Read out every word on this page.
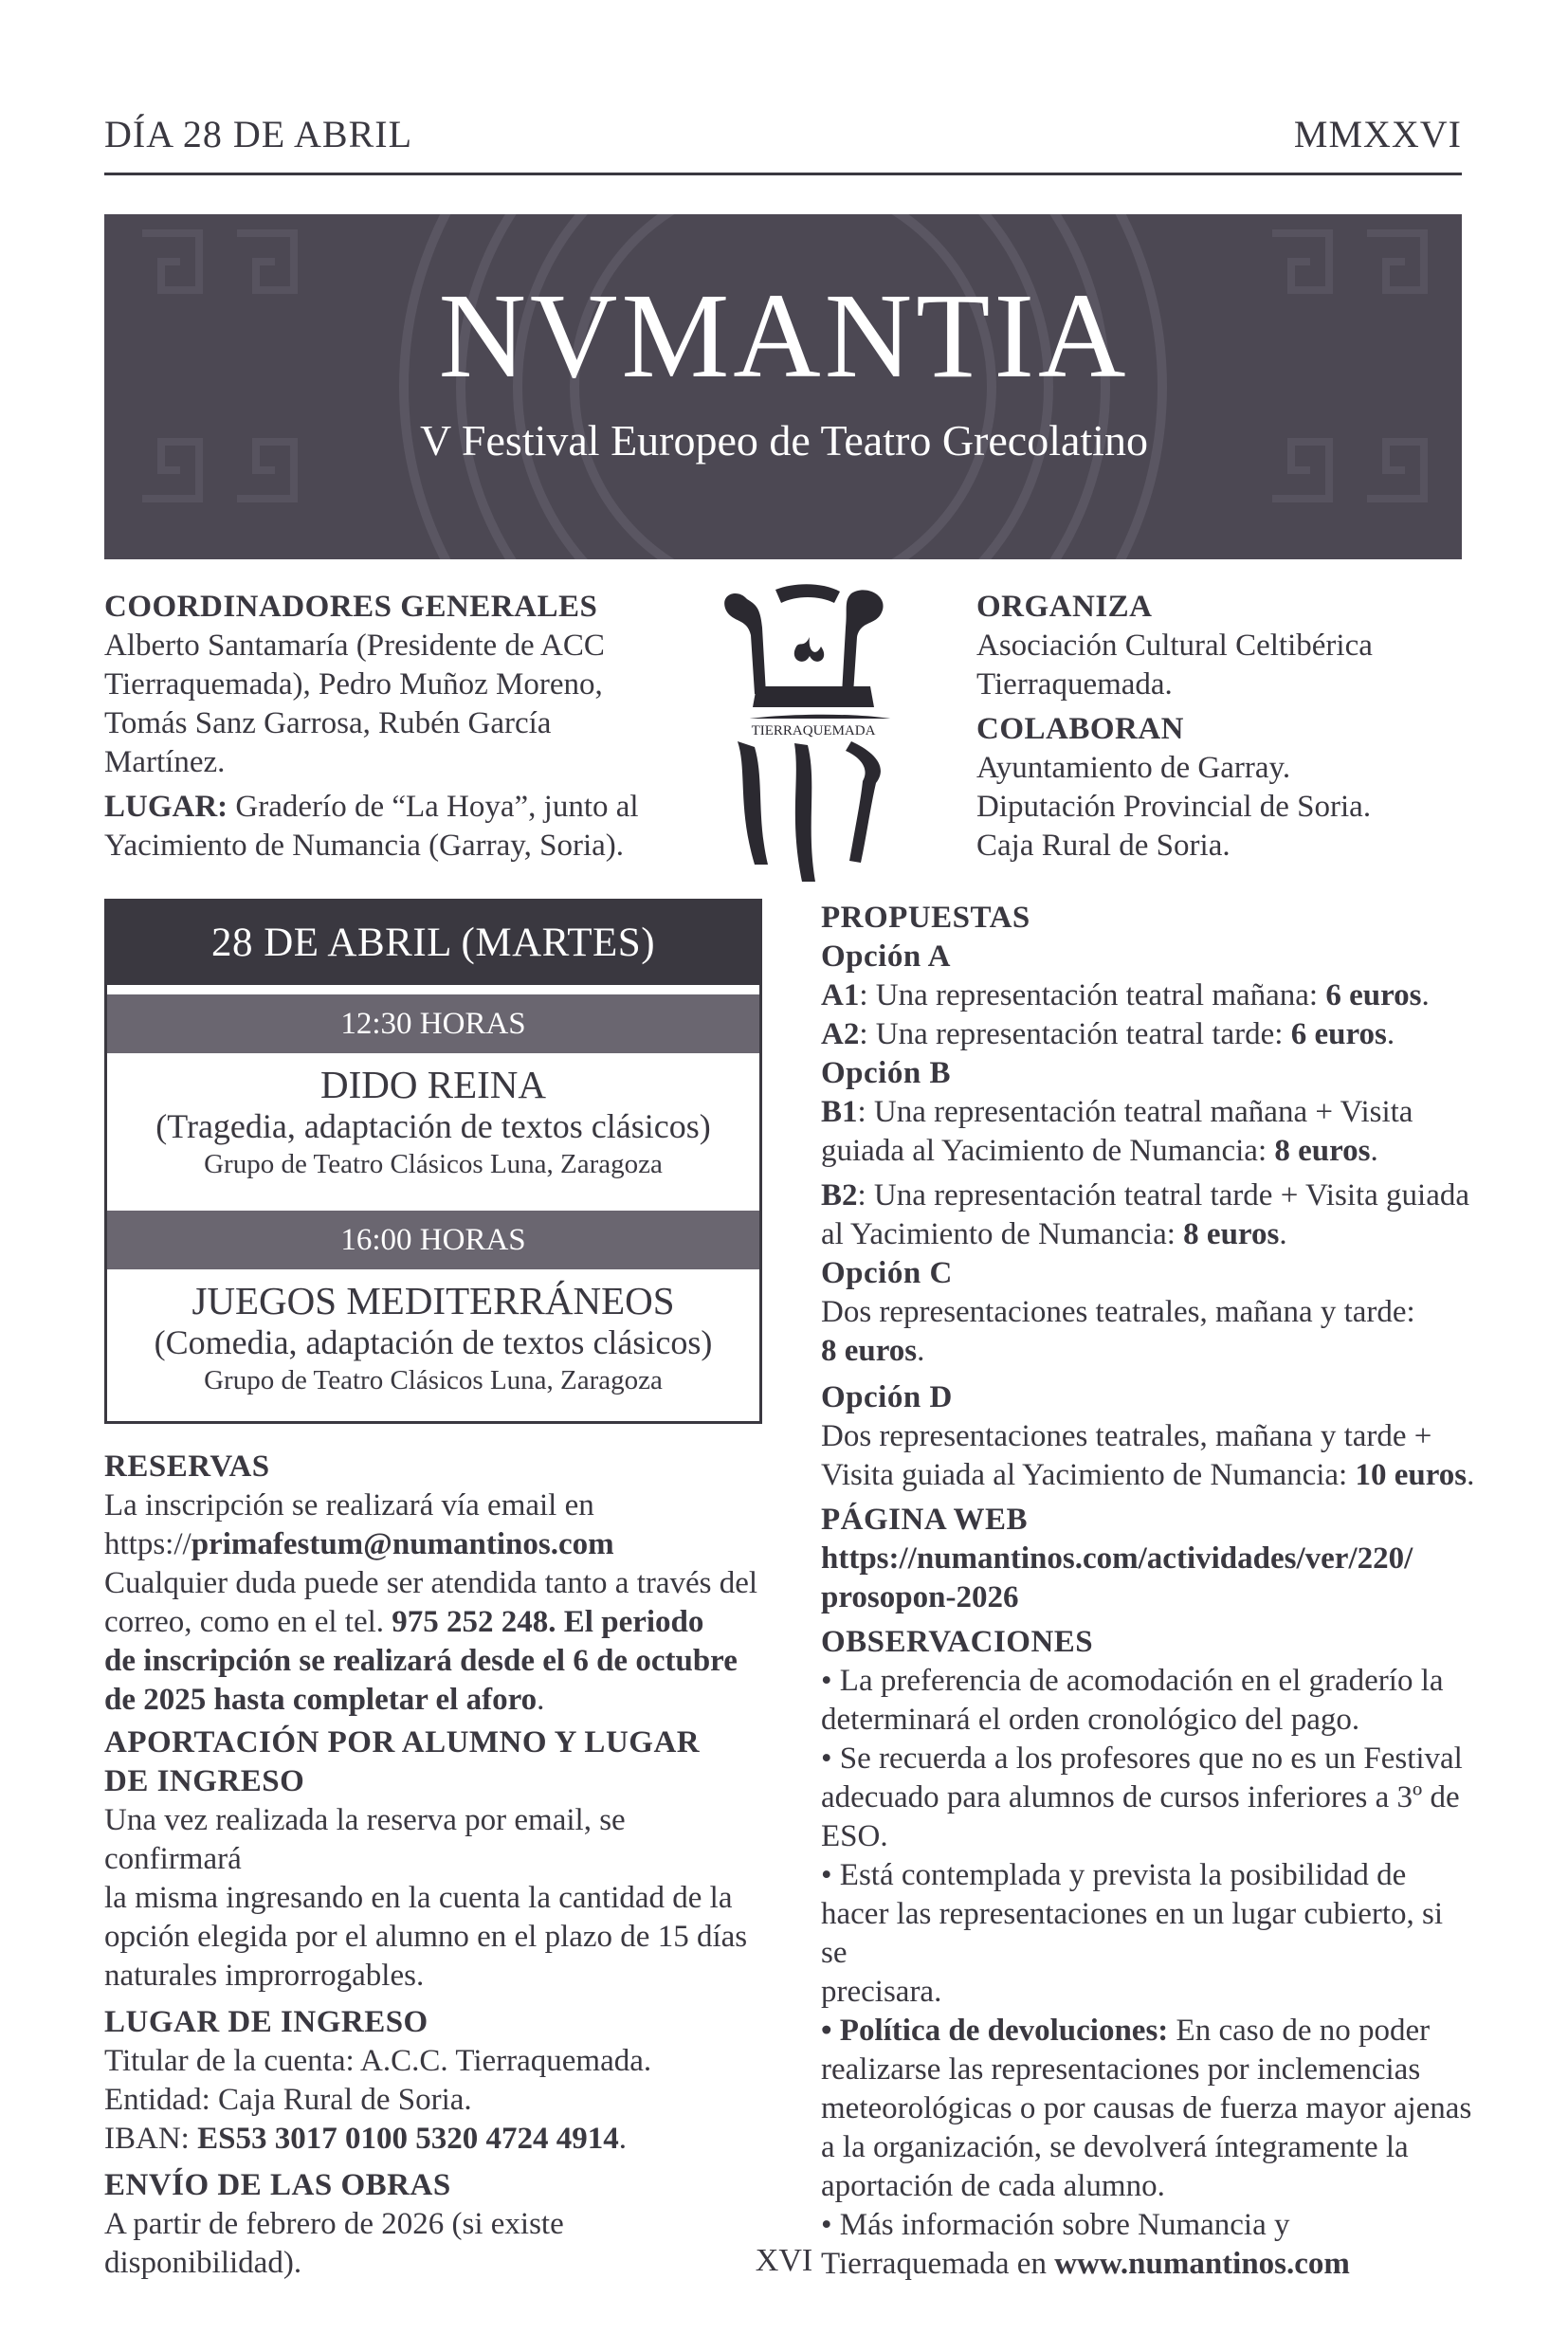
DÍA 28 DE ABRIL	MMXXVI
NVMANTIA
V Festival Europeo de Teatro Grecolatino
COORDINADORES GENERALES
Alberto Santamaría (Presidente de ACC
Tierraquemada), Pedro Muñoz Moreno,
Tomás Sanz Garrosa, Rubén García
Martínez.
LUGAR: Graderío de “La Hoya”, junto al
Yacimiento de Numancia (Garray, Soria).
TIERRAQUEMADA
ORGANIZA
Asociación Cultural Celtibérica
Tierraquemada.
COLABORAN
Ayuntamiento de Garray.
Diputación Provincial de Soria.
Caja Rural de Soria.
28 DE ABRIL (MARTES)
12:30 HORAS
DIDO REINA
(Tragedia, adaptación de textos clásicos)
Grupo de Teatro Clásicos Luna, Zaragoza
16:00 HORAS
JUEGOS MEDITERRÁNEOS
(Comedia, adaptación de textos clásicos)
Grupo de Teatro Clásicos Luna, Zaragoza
RESERVAS
La inscripción se realizará vía email en
https://primafestum@numantinos.com
Cualquier duda puede ser atendida tanto a través del
correo, como en el tel. 975 252 248. El periodo
de inscripción se realizará desde el 6 de octubre
de 2025 hasta completar el aforo.
APORTACIÓN POR ALUMNO Y LUGAR
DE INGRESO
Una vez realizada la reserva por email, se confirmará
la misma ingresando en la cuenta la cantidad de la
opción elegida por el alumno en el plazo de 15 días
naturales improrrogables.
LUGAR DE INGRESO
Titular de la cuenta: A.C.C. Tierraquemada.
Entidad: Caja Rural de Soria.
IBAN: ES53 3017 0100 5320 4724 4914.
ENVÍO DE LAS OBRAS
A partir de febrero de 2026 (si existe disponibilidad).
PROPUESTAS
Opción A
A1: Una representación teatral mañana: 6 euros.
A2: Una representación teatral tarde: 6 euros.
Opción B
B1: Una representación teatral mañana + Visita
guiada al Yacimiento de Numancia: 8 euros.
B2: Una representación teatral tarde + Visita guiada
al Yacimiento de Numancia: 8 euros.
Opción C
Dos representaciones teatrales, mañana y tarde:
8 euros.
Opción D
Dos representaciones teatrales, mañana y tarde +
Visita guiada al Yacimiento de Numancia: 10 euros.
PÁGINA WEB
https://numantinos.com/actividades/ver/220/
prosopon-2026
OBSERVACIONES
• La preferencia de acomodación en el graderío la
determinará el orden cronológico del pago.
• Se recuerda a los profesores que no es un Festival
adecuado para alumnos de cursos inferiores a 3º de
ESO.
• Está contemplada y prevista la posibilidad de
hacer las representaciones en un lugar cubierto, si se
precisara.
• Política de devoluciones: En caso de no poder
realizarse las representaciones por inclemencias
meteorológicas o por causas de fuerza mayor ajenas
a la organización, se devolverá íntegramente la
aportación de cada alumno.
• Más información sobre Numancia y
Tierraquemada en www.numantinos.com
XVI
